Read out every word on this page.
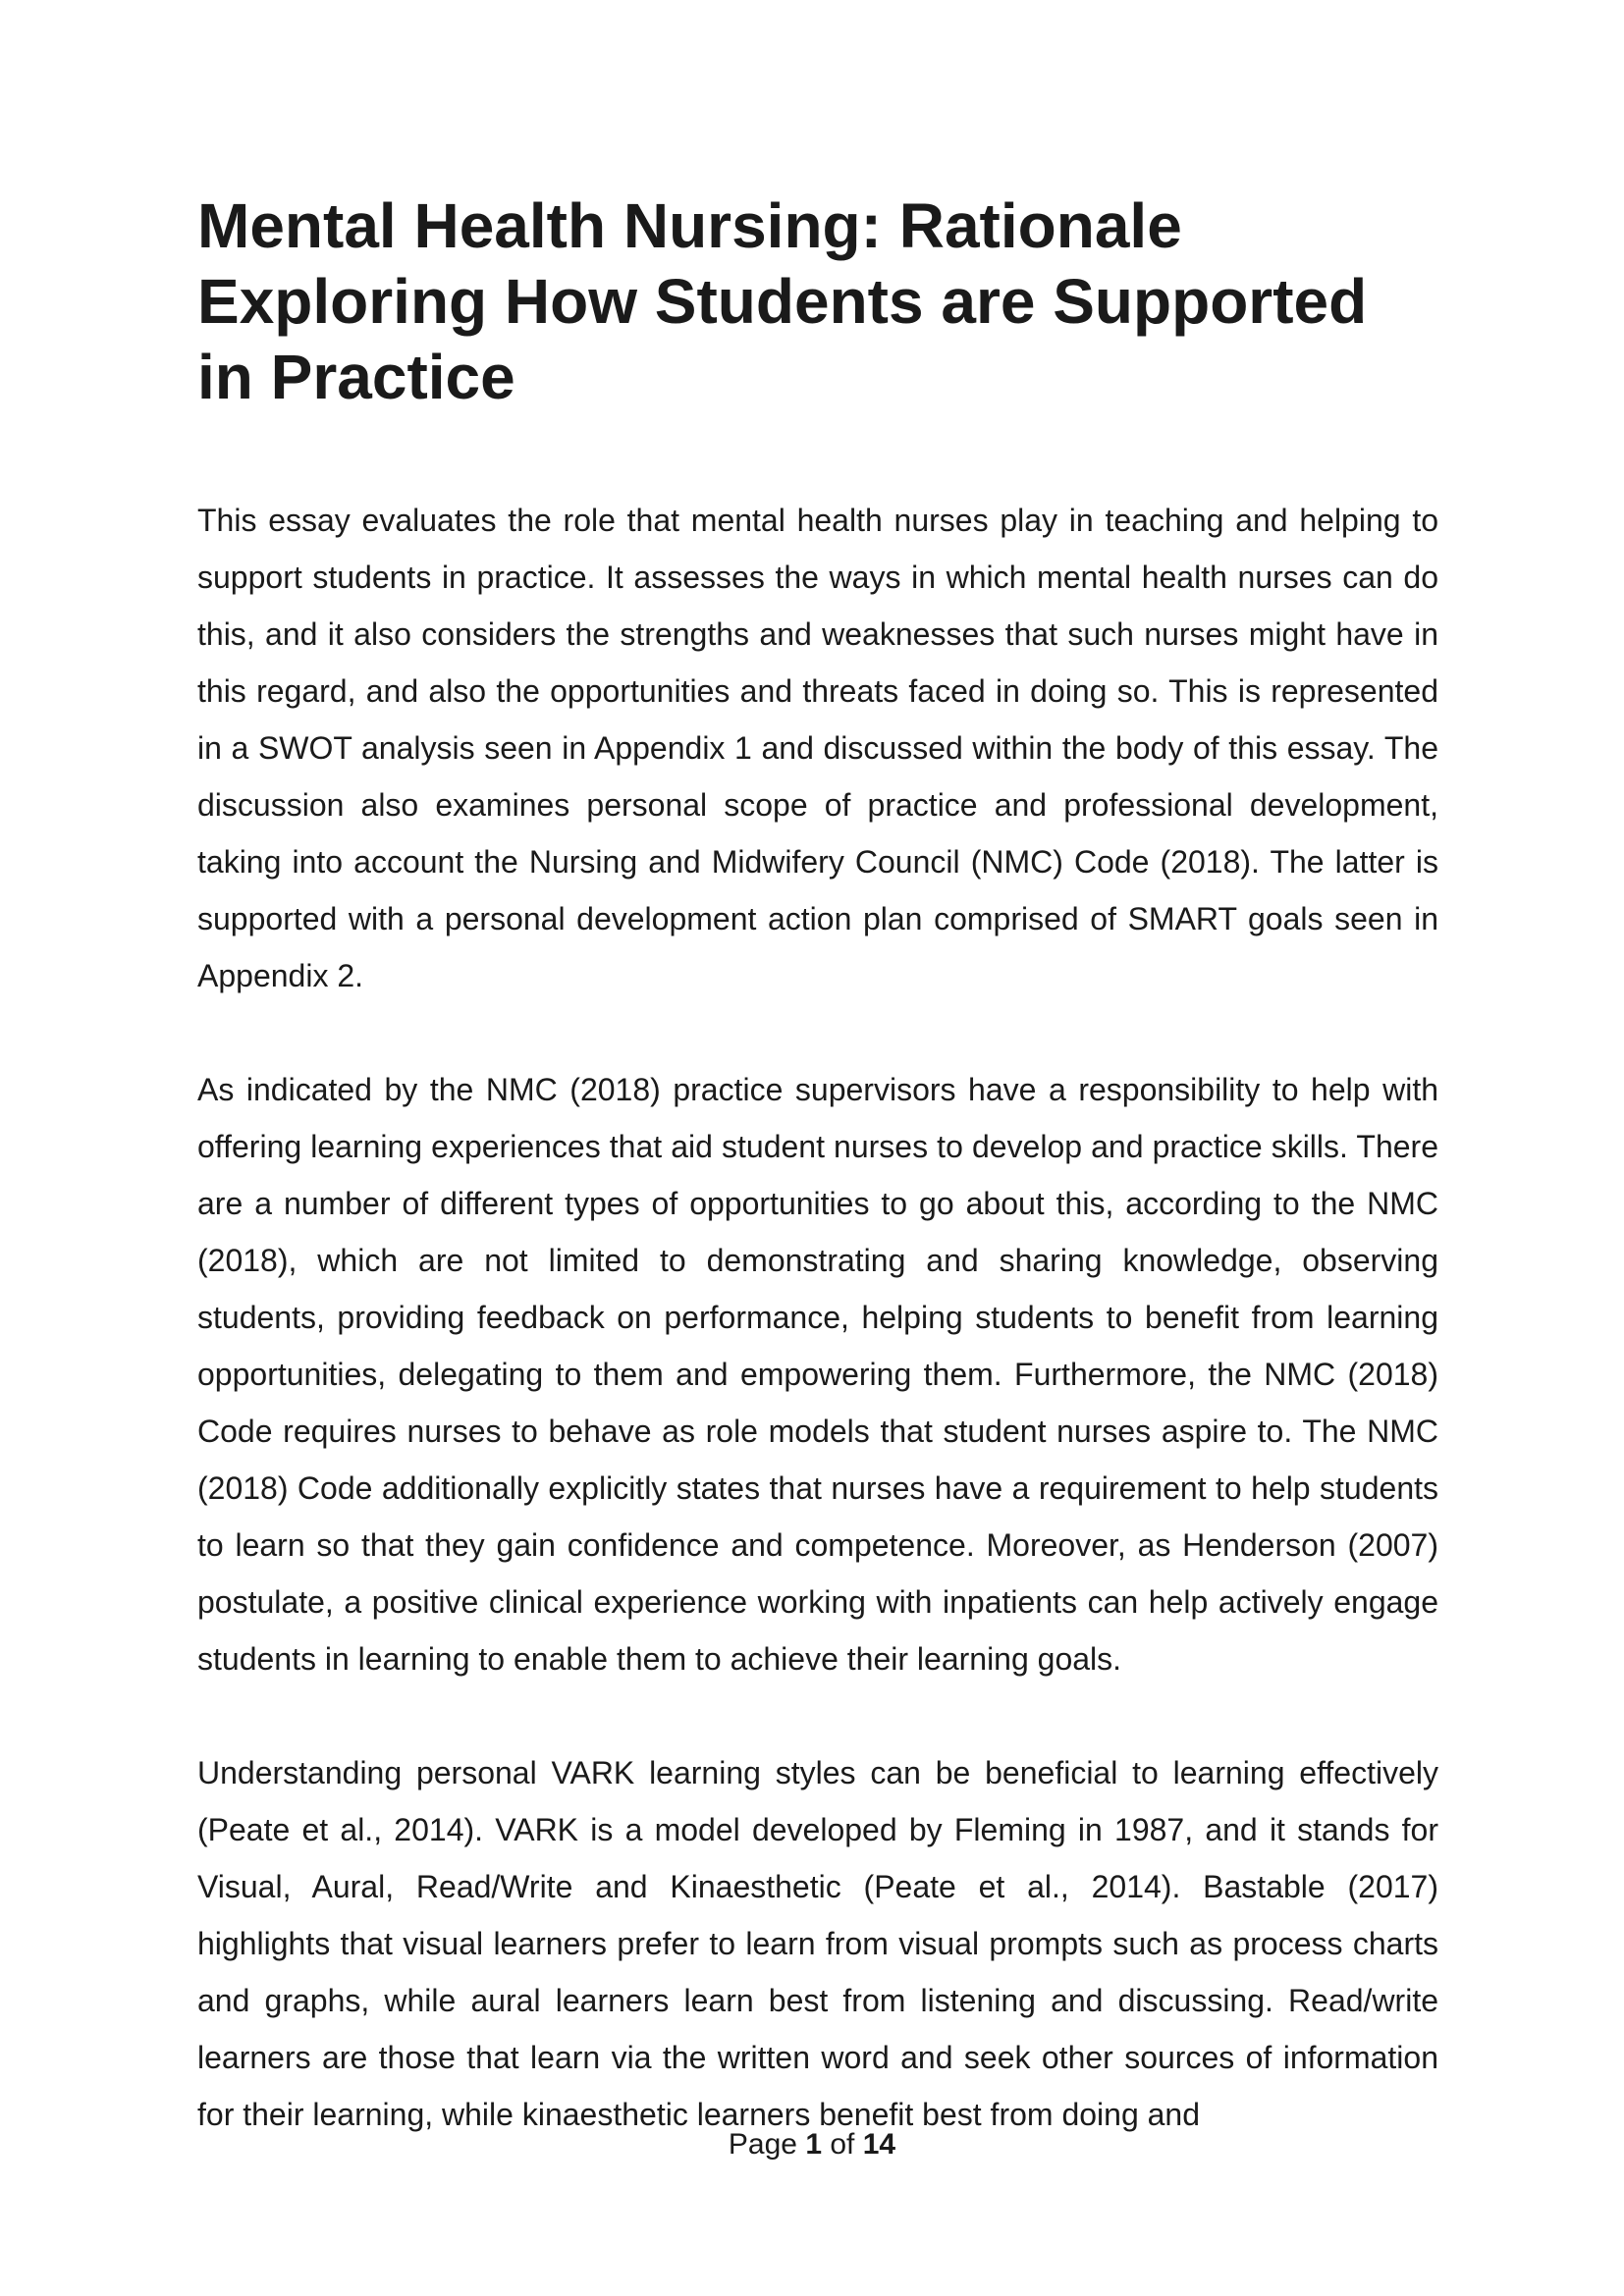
Mental Health Nursing: Rationale Exploring How Students are Supported in Practice

This essay evaluates the role that mental health nurses play in teaching and helping to support students in practice. It assesses the ways in which mental health nurses can do this, and it also considers the strengths and weaknesses that such nurses might have in this regard, and also the opportunities and threats faced in doing so. This is represented in a SWOT analysis seen in Appendix 1 and discussed within the body of this essay. The discussion also examines personal scope of practice and professional development, taking into account the Nursing and Midwifery Council (NMC) Code (2018). The latter is supported with a personal development action plan comprised of SMART goals seen in Appendix 2.

As indicated by the NMC (2018) practice supervisors have a responsibility to help with offering learning experiences that aid student nurses to develop and practice skills. There are a number of different types of opportunities to go about this, according to the NMC (2018), which are not limited to demonstrating and sharing knowledge, observing students, providing feedback on performance, helping students to benefit from learning opportunities, delegating to them and empowering them. Furthermore, the NMC (2018) Code requires nurses to behave as role models that student nurses aspire to. The NMC (2018) Code additionally explicitly states that nurses have a requirement to help students to learn so that they gain confidence and competence. Moreover, as Henderson (2007) postulate, a positive clinical experience working with inpatients can help actively engage students in learning to enable them to achieve their learning goals.

Understanding personal VARK learning styles can be beneficial to learning effectively (Peate et al., 2014). VARK is a model developed by Fleming in 1987, and it stands for Visual, Aural, Read/Write and Kinaesthetic (Peate et al., 2014). Bastable (2017) highlights that visual learners prefer to learn from visual prompts such as process charts and graphs, while aural learners learn best from listening and discussing. Read/write learners are those that learn via the written word and seek other sources of information for their learning, while kinaesthetic learners benefit best from doing and

Page 1 of 14
